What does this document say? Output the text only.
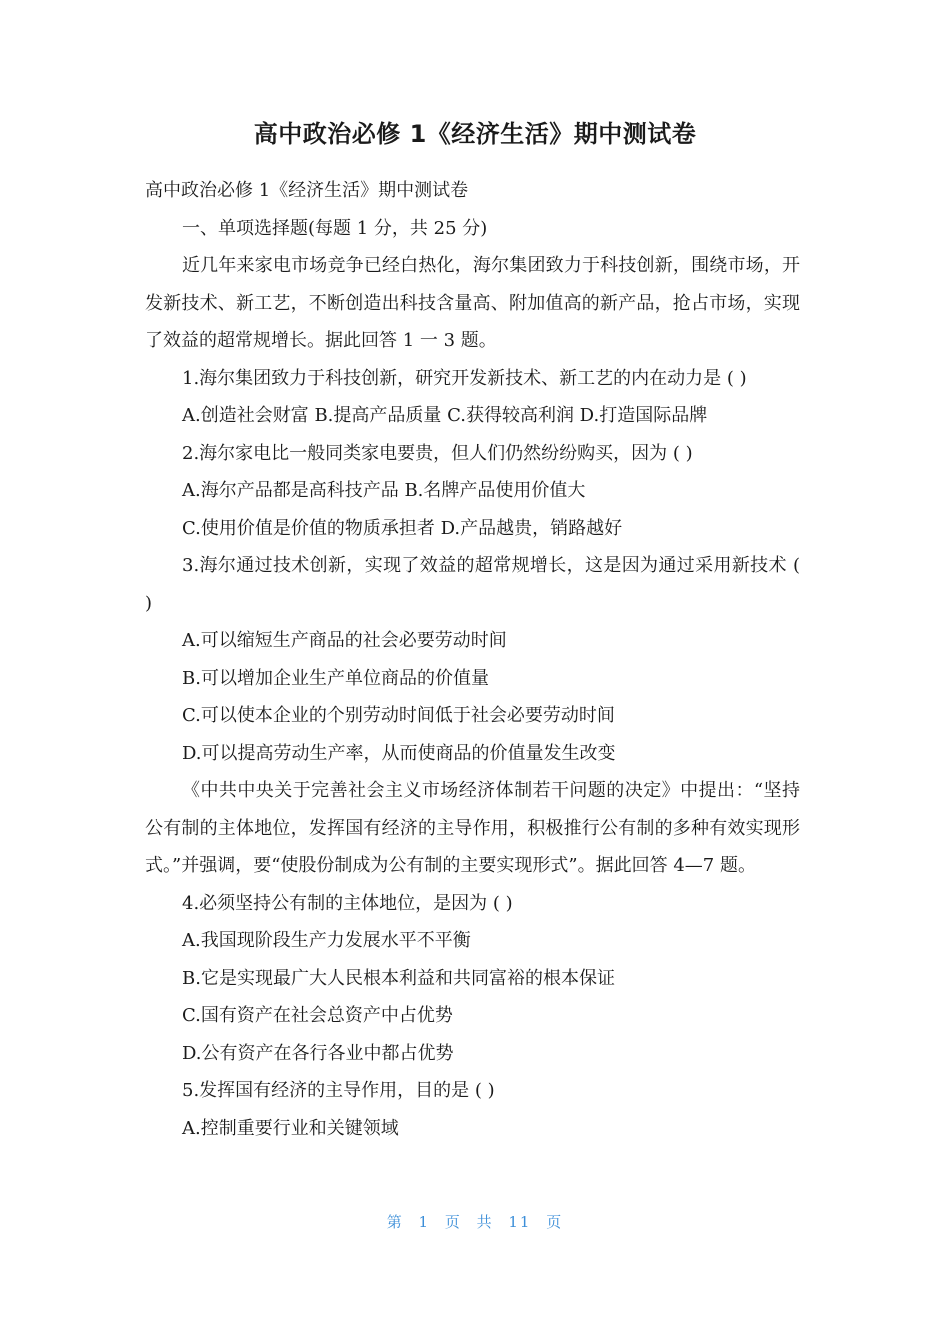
高中政治必修 1《经济生活》期中测试卷

高中政治必修 1《经济生活》期中测试卷

一、单项选择题(每题 1 分，共 25 分)

近几年来家电市场竞争已经白热化，海尔集团致力于科技创新，围绕市场，开发新技术、新工艺，不断创造出科技含量高、附加值高的新产品，抢占市场，实现了效益的超常规增长。据此回答 1 一 3 题。

1.海尔集团致力于科技创新，研究开发新技术、新工艺的内在动力是 ( )

A.创造社会财富 B.提高产品质量 C.获得较高利润 D.打造国际品牌

2.海尔家电比一般同类家电要贵，但人们仍然纷纷购买，因为 ( )

A.海尔产品都是高科技产品 B.名牌产品使用价值大

C.使用价值是价值的物质承担者 D.产品越贵，销路越好

3.海尔通过技术创新，实现了效益的超常规增长，这是因为通过采用新技术 ( )

A.可以缩短生产商品的社会必要劳动时间

B.可以增加企业生产单位商品的价值量

C.可以使本企业的个别劳动时间低于社会必要劳动时间

D.可以提高劳动生产率，从而使商品的价值量发生改变

《中共中央关于完善社会主义市场经济体制若干问题的决定》中提出：“坚持公有制的主体地位，发挥国有经济的主导作用，积极推行公有制的多种有效实现形式。”并强调，要“使股份制成为公有制的主要实现形式”。据此回答 4—7 题。

4.必须坚持公有制的主体地位，是因为 ( )

A.我国现阶段生产力发展水平不平衡

B.它是实现最广大人民根本利益和共同富裕的根本保证

C.国有资产在社会总资产中占优势

D.公有资产在各行各业中都占优势

5.发挥国有经济的主导作用，目的是 ( )

A.控制重要行业和关键领域

第 1 页 共 11 页
